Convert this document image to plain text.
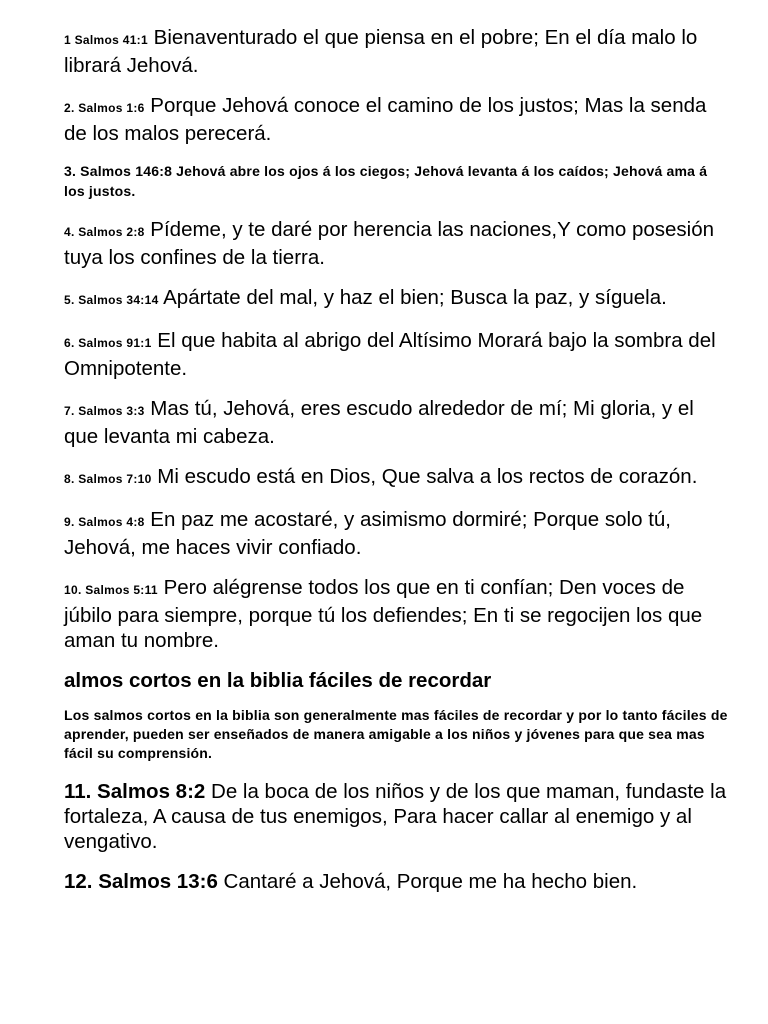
1 Salmos 41:1 Bienaventurado el que piensa en el pobre; En el día malo lo librará Jehová.

2. Salmos 1:6 Porque Jehová conoce el camino de los justos; Mas la senda de los malos perecerá.

3. Salmos 146:8 Jehová abre los ojos á los ciegos; Jehová levanta á los caídos; Jehová ama á los justos.

4. Salmos 2:8 Pídeme, y te daré por herencia las naciones,Y como posesión tuya los confines de la tierra.

5. Salmos 34:14 Apártate del mal, y haz el bien; Busca la paz, y síguela.

6. Salmos 91:1 El que habita al abrigo del Altísimo Morará bajo la sombra del Omnipotente.

7. Salmos 3:3 Mas tú, Jehová, eres escudo alrededor de mí; Mi gloria, y el que levanta mi cabeza.

8. Salmos 7:10 Mi escudo está en Dios, Que salva a los rectos de corazón.

9. Salmos 4:8 En paz me acostaré, y asimismo dormiré; Porque solo tú, Jehová, me haces vivir confiado.

10. Salmos 5:11 Pero alégrense todos los que en ti confían; Den voces de júbilo para siempre, porque tú los defiendes; En ti se regocijen los que aman tu nombre.

almos cortos en la biblia fáciles de recordar

Los salmos cortos en la biblia son generalmente mas fáciles de recordar y por lo tanto fáciles de aprender, pueden ser enseñados de manera amigable a los niños y jóvenes para que sea mas fácil su comprensión.

11. Salmos 8:2 De la boca de los niños y de los que maman, fundaste la fortaleza, A causa de tus enemigos, Para hacer callar al enemigo y al vengativo.

12. Salmos 13:6 Cantaré a Jehová, Porque me ha hecho bien.
